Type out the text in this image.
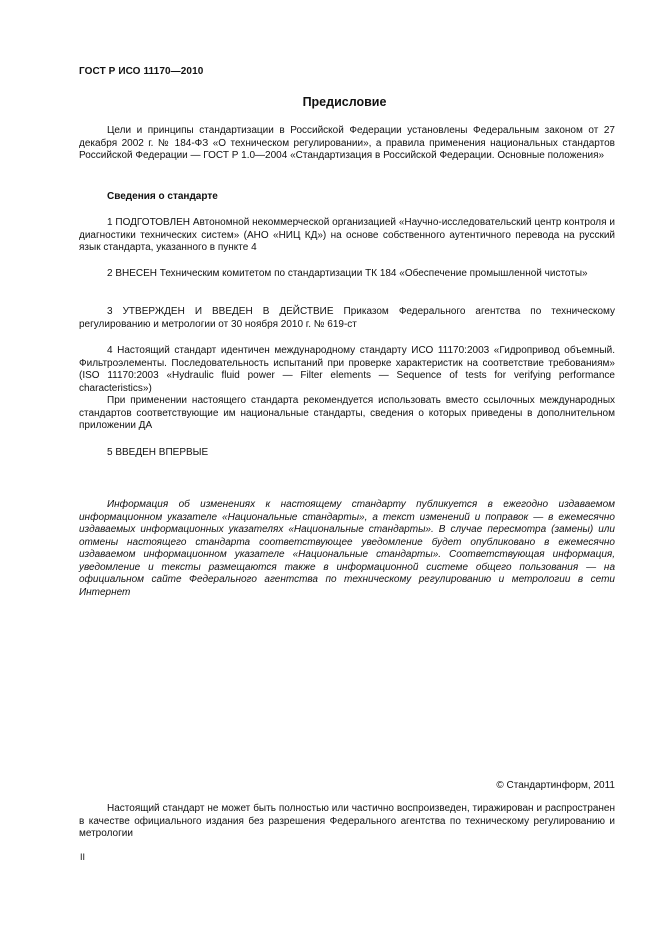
ГОСТ Р ИСО 11170—2010
Предисловие

Цели и принципы стандартизации в Российской Федерации установлены Федеральным законом от 27 декабря 2002 г. № 184-ФЗ «О техническом регулировании», а правила применения национальных стандартов Российской Федерации — ГОСТ Р 1.0—2004 «Стандартизация в Российской Федерации. Основные положения»

Сведения о стандарте

1 ПОДГОТОВЛЕН Автономной некоммерческой организацией «Научно-исследовательский центр контроля и диагностики технических систем» (АНО «НИЦ КД») на основе собственного аутентичного перевода на русский язык стандарта, указанного в пункте 4

2 ВНЕСЕН Техническим комитетом по стандартизации ТК 184 «Обеспечение промышленной чистоты»

3 УТВЕРЖДЕН И ВВЕДЕН В ДЕЙСТВИЕ Приказом Федерального агентства по техническому регулированию и метрологии от 30 ноября 2010 г. № 619-ст

4 Настоящий стандарт идентичен международному стандарту ИСО 11170:2003 «Гидропривод объемный. Фильтроэлементы. Последовательность испытаний при проверке характеристик на соответствие требованиям» (ISO 11170:2003 «Hydraulic fluid power — Filter elements — Sequence of tests for verifying performance characteristics»)

При применении настоящего стандарта рекомендуется использовать вместо ссылочных международных стандартов соответствующие им национальные стандарты, сведения о которых приведены в дополнительном приложении ДА

5 ВВЕДЕН ВПЕРВЫЕ

Информация об изменениях к настоящему стандарту публикуется в ежегодно издаваемом информационном указателе «Национальные стандарты», а текст изменений и поправок — в ежемесячно издаваемых информационных указателях «Национальные стандарты». В случае пересмотра (замены) или отмены настоящего стандарта соответствующее уведомление будет опубликовано в ежемесячно издаваемом информационном указателе «Национальные стандарты». Соответствующая информация, уведомление и тексты размещаются также в информационной системе общего пользования — на официальном сайте Федерального агентства по техническому регулированию и метрологии в сети Интернет

© Стандартинформ, 2011

Настоящий стандарт не может быть полностью или частично воспроизведен, тиражирован и распространен в качестве официального издания без разрешения Федерального агентства по техническому регулированию и метрологии

II
